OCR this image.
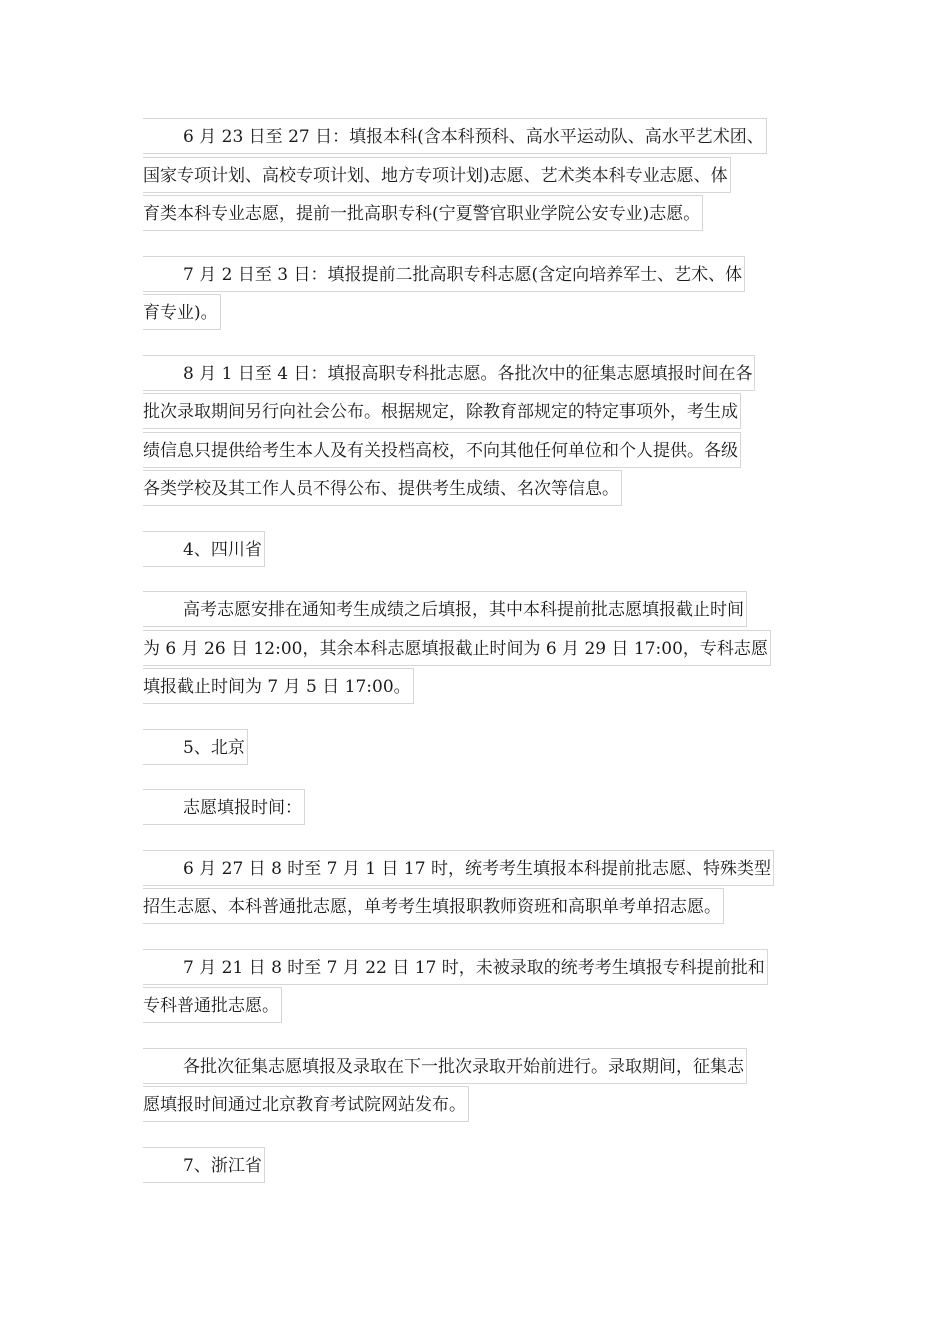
6 月 23 日至 27 日：填报本科(含本科预科、高水平运动队、高水平艺术团、
国家专项计划、高校专项计划、地方专项计划)志愿、艺术类本科专业志愿、体
育类本科专业志愿，提前一批高职专科(宁夏警官职业学院公安专业)志愿。
7 月 2 日至 3 日：填报提前二批高职专科志愿(含定向培养军士、艺术、体
育专业)。
8 月 1 日至 4 日：填报高职专科批志愿。各批次中的征集志愿填报时间在各
批次录取期间另行向社会公布。根据规定，除教育部规定的特定事项外，考生成
绩信息只提供给考生本人及有关投档高校，不向其他任何单位和个人提供。各级
各类学校及其工作人员不得公布、提供考生成绩、名次等信息。
4、四川省
高考志愿安排在通知考生成绩之后填报，其中本科提前批志愿填报截止时间
为 6 月 26 日 12:00，其余本科志愿填报截止时间为 6 月 29 日 17:00，专科志愿
填报截止时间为 7 月 5 日 17:00。
5、北京
志愿填报时间：
6 月 27 日 8 时至 7 月 1 日 17 时，统考考生填报本科提前批志愿、特殊类型
招生志愿、本科普通批志愿，单考考生填报职教师资班和高职单考单招志愿。
7 月 21 日 8 时至 7 月 22 日 17 时，未被录取的统考考生填报专科提前批和
专科普通批志愿。
各批次征集志愿填报及录取在下一批次录取开始前进行。录取期间，征集志
愿填报时间通过北京教育考试院网站发布。
7、浙江省
